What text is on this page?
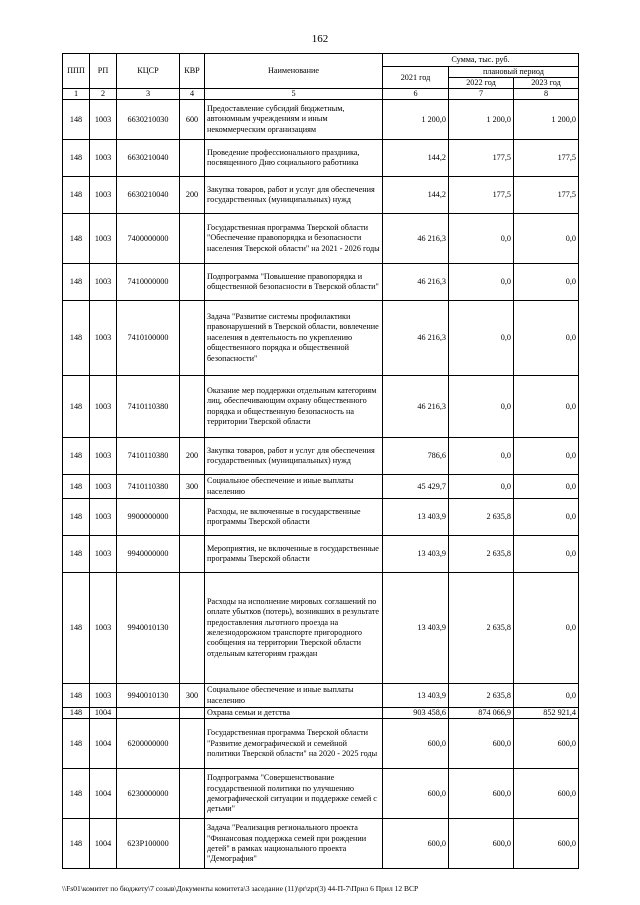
162
ППП	РП	КЦСР	КВР	Наименование	Сумма, тыс. руб.		
					2021 год	плановый период	
						2022 год	2023 год
1	2	3	4	5	6	7	8
148	1003	6630210030	600	Предоставление субсидий бюджетным, автономным учреждениям и иным некоммерческим организациям	1 200,0	1 200,0	1 200,0
148	1003	6630210040		Проведение профессионального праздника, посвященного Дню социального работника	144,2	177,5	177,5
148	1003	6630210040	200	Закупка товаров, работ и услуг для обеспечения государственных (муниципальных) нужд	144,2	177,5	177,5
148	1003	7400000000		Государственная программа Тверской области "Обеспечение правопорядка и безопасности населения Тверской области" на 2021 - 2026 годы	46 216,3	0,0	0,0
148	1003	7410000000		Подпрограмма "Повышение правопорядка и общественной безопасности в Тверской области"	46 216,3	0,0	0,0
148	1003	7410100000		Задача "Развитие системы профилактики правонарушений в Тверской области, вовлечение населения в деятельность по укреплению общественного порядка и общественной безопасности"	46 216,3	0,0	0,0
148	1003	7410110380		Оказание мер поддержки отдельным категориям лиц, обеспечивающим охрану общественного порядка и общественную безопасность на территории Тверской области	46 216,3	0,0	0,0
148	1003	7410110380	200	Закупка товаров, работ и услуг для обеспечения государственных (муниципальных) нужд	786,6	0,0	0,0
148	1003	7410110380	300	Социальное обеспечение и иные выплаты населению	45 429,7	0,0	0,0
148	1003	9900000000		Расходы, не включенные в государственные программы Тверской области	13 403,9	2 635,8	0,0
148	1003	9940000000		Мероприятия, не включенные в государственные программы Тверской области	13 403,9	2 635,8	0,0
148	1003	9940010130		Расходы на исполнение мировых соглашений по оплате убытков (потерь), возникших в результате предоставления льготного проезда на железнодорожном транспорте пригородного сообщения на территории Тверской области отдельным категориям граждан	13 403,9	2 635,8	0,0
148	1003	9940010130	300	Социальное обеспечение и иные выплаты населению	13 403,9	2 635,8	0,0
148	1004			Охрана семьи и детства	903 458,6	874 066,9	852 921,4
148	1004	6200000000		Государственная программа Тверской области "Развитие демографической и семейной политики Тверской области" на 2020 - 2025 годы	600,0	600,0	600,0
148	1004	6230000000		Подпрограмма "Совершенствование государственной политики по улучшению демографической ситуации и поддержке семей с детьми"	600,0	600,0	600,0
148	1004	623P100000		Задача "Реализация регионального проекта "Финансовая поддержка семей при рождении детей" в рамках национального проекта "Демография"	600,0	600,0	600,0
\\Fs01\комитет по бюджету\7 созыв\Документы комитета\3 заседание (11)\pr\zpr(3) 44-П-7\Прил 6 Прил 12 ВСР
